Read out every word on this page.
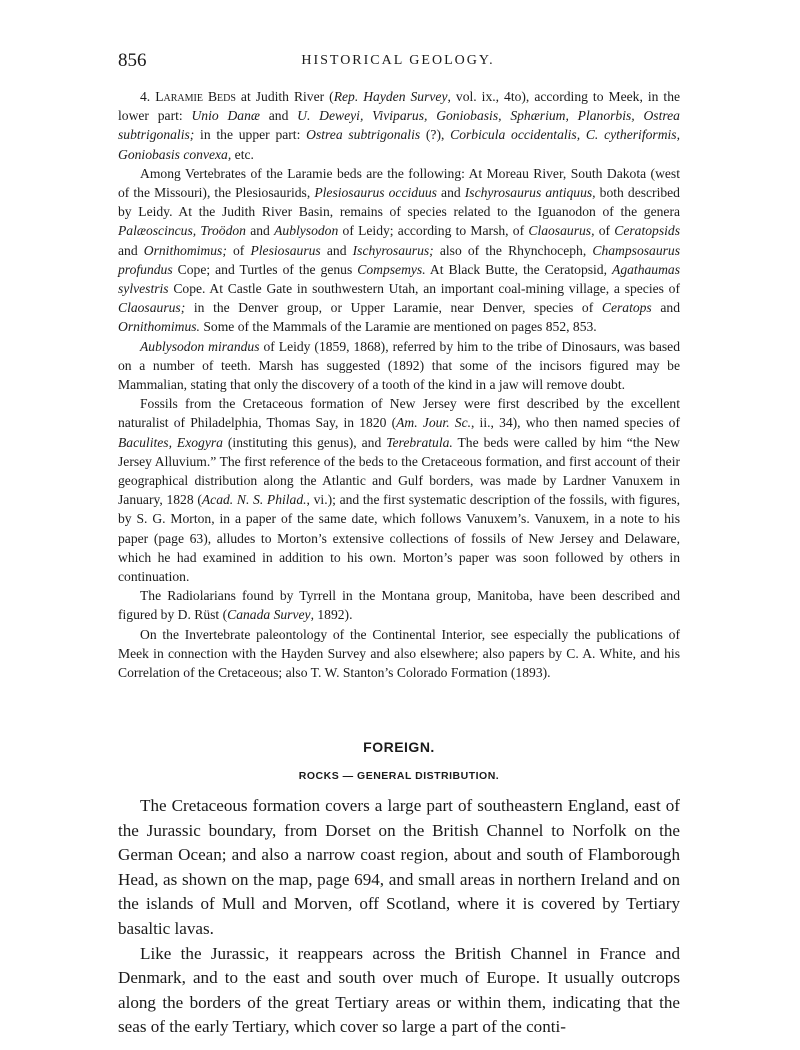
856	HISTORICAL GEOLOGY.

4. Laramie Beds at Judith River (Rep. Hayden Survey, vol. ix., 4to), according to Meek, in the lower part: Unio Danæ and U. Deweyi, Viviparus, Goniobasis, Sphærium, Planorbis, Ostrea subtrigonalis; in the upper part: Ostrea subtrigonalis (?), Corbicula occidentalis, C. cytheriformis, Goniobasis convexa, etc.

Among Vertebrates of the Laramie beds are the following: At Moreau River, South Dakota (west of the Missouri), the Plesiosaurids, Plesiosaurus occiduus and Ischyrosaurus antiquus, both described by Leidy. At the Judith River Basin, remains of species related to the Iguanodon of the genera Palæoscincus, Troödon and Aublysodon of Leidy; according to Marsh, of Claosaurus, of Ceratopsids and Ornithomimus; of Plesiosaurus and Ischyrosaurus; also of the Rhynchoceph, Champsosaurus profundus Cope; and Turtles of the genus Compsemys. At Black Butte, the Ceratopsid, Agathaumas sylvestris Cope. At Castle Gate in southwestern Utah, an important coal-mining village, a species of Claosaurus; in the Denver group, or Upper Laramie, near Denver, species of Ceratops and Ornithomimus. Some of the Mammals of the Laramie are mentioned on pages 852, 853.

Aublysodon mirandus of Leidy (1859, 1868), referred by him to the tribe of Dinosaurs, was based on a number of teeth. Marsh has suggested (1892) that some of the incisors figured may be Mammalian, stating that only the discovery of a tooth of the kind in a jaw will remove doubt.

Fossils from the Cretaceous formation of New Jersey were first described by the excellent naturalist of Philadelphia, Thomas Say, in 1820 (Am. Jour. Sc., ii., 34), who then named species of Baculites, Exogyra (instituting this genus), and Terebratula. The beds were called by him “the New Jersey Alluvium.” The first reference of the beds to the Cretaceous formation, and first account of their geographical distribution along the Atlantic and Gulf borders, was made by Lardner Vanuxem in January, 1828 (Acad. N. S. Philad., vi.); and the first systematic description of the fossils, with figures, by S. G. Morton, in a paper of the same date, which follows Vanuxem’s. Vanuxem, in a note to his paper (page 63), alludes to Morton’s extensive collections of fossils of New Jersey and Delaware, which he had examined in addition to his own. Morton’s paper was soon followed by others in continuation.

The Radiolarians found by Tyrrell in the Montana group, Manitoba, have been described and figured by D. Rüst (Canada Survey, 1892).

On the Invertebrate paleontology of the Continental Interior, see especially the publications of Meek in connection with the Hayden Survey and also elsewhere; also papers by C. A. White, and his Correlation of the Cretaceous; also T. W. Stanton’s Colorado Formation (1893).

FOREIGN.
ROCKS — GENERAL DISTRIBUTION.

The Cretaceous formation covers a large part of southeastern England, east of the Jurassic boundary, from Dorset on the British Channel to Norfolk on the German Ocean; and also a narrow coast region, about and south of Flamborough Head, as shown on the map, page 694, and small areas in northern Ireland and on the islands of Mull and Morven, off Scotland, where it is covered by Tertiary basaltic lavas.

Like the Jurassic, it reappears across the British Channel in France and Denmark, and to the east and south over much of Europe. It usually outcrops along the borders of the great Tertiary areas or within them, indicating that the seas of the early Tertiary, which cover so large a part of the conti-
